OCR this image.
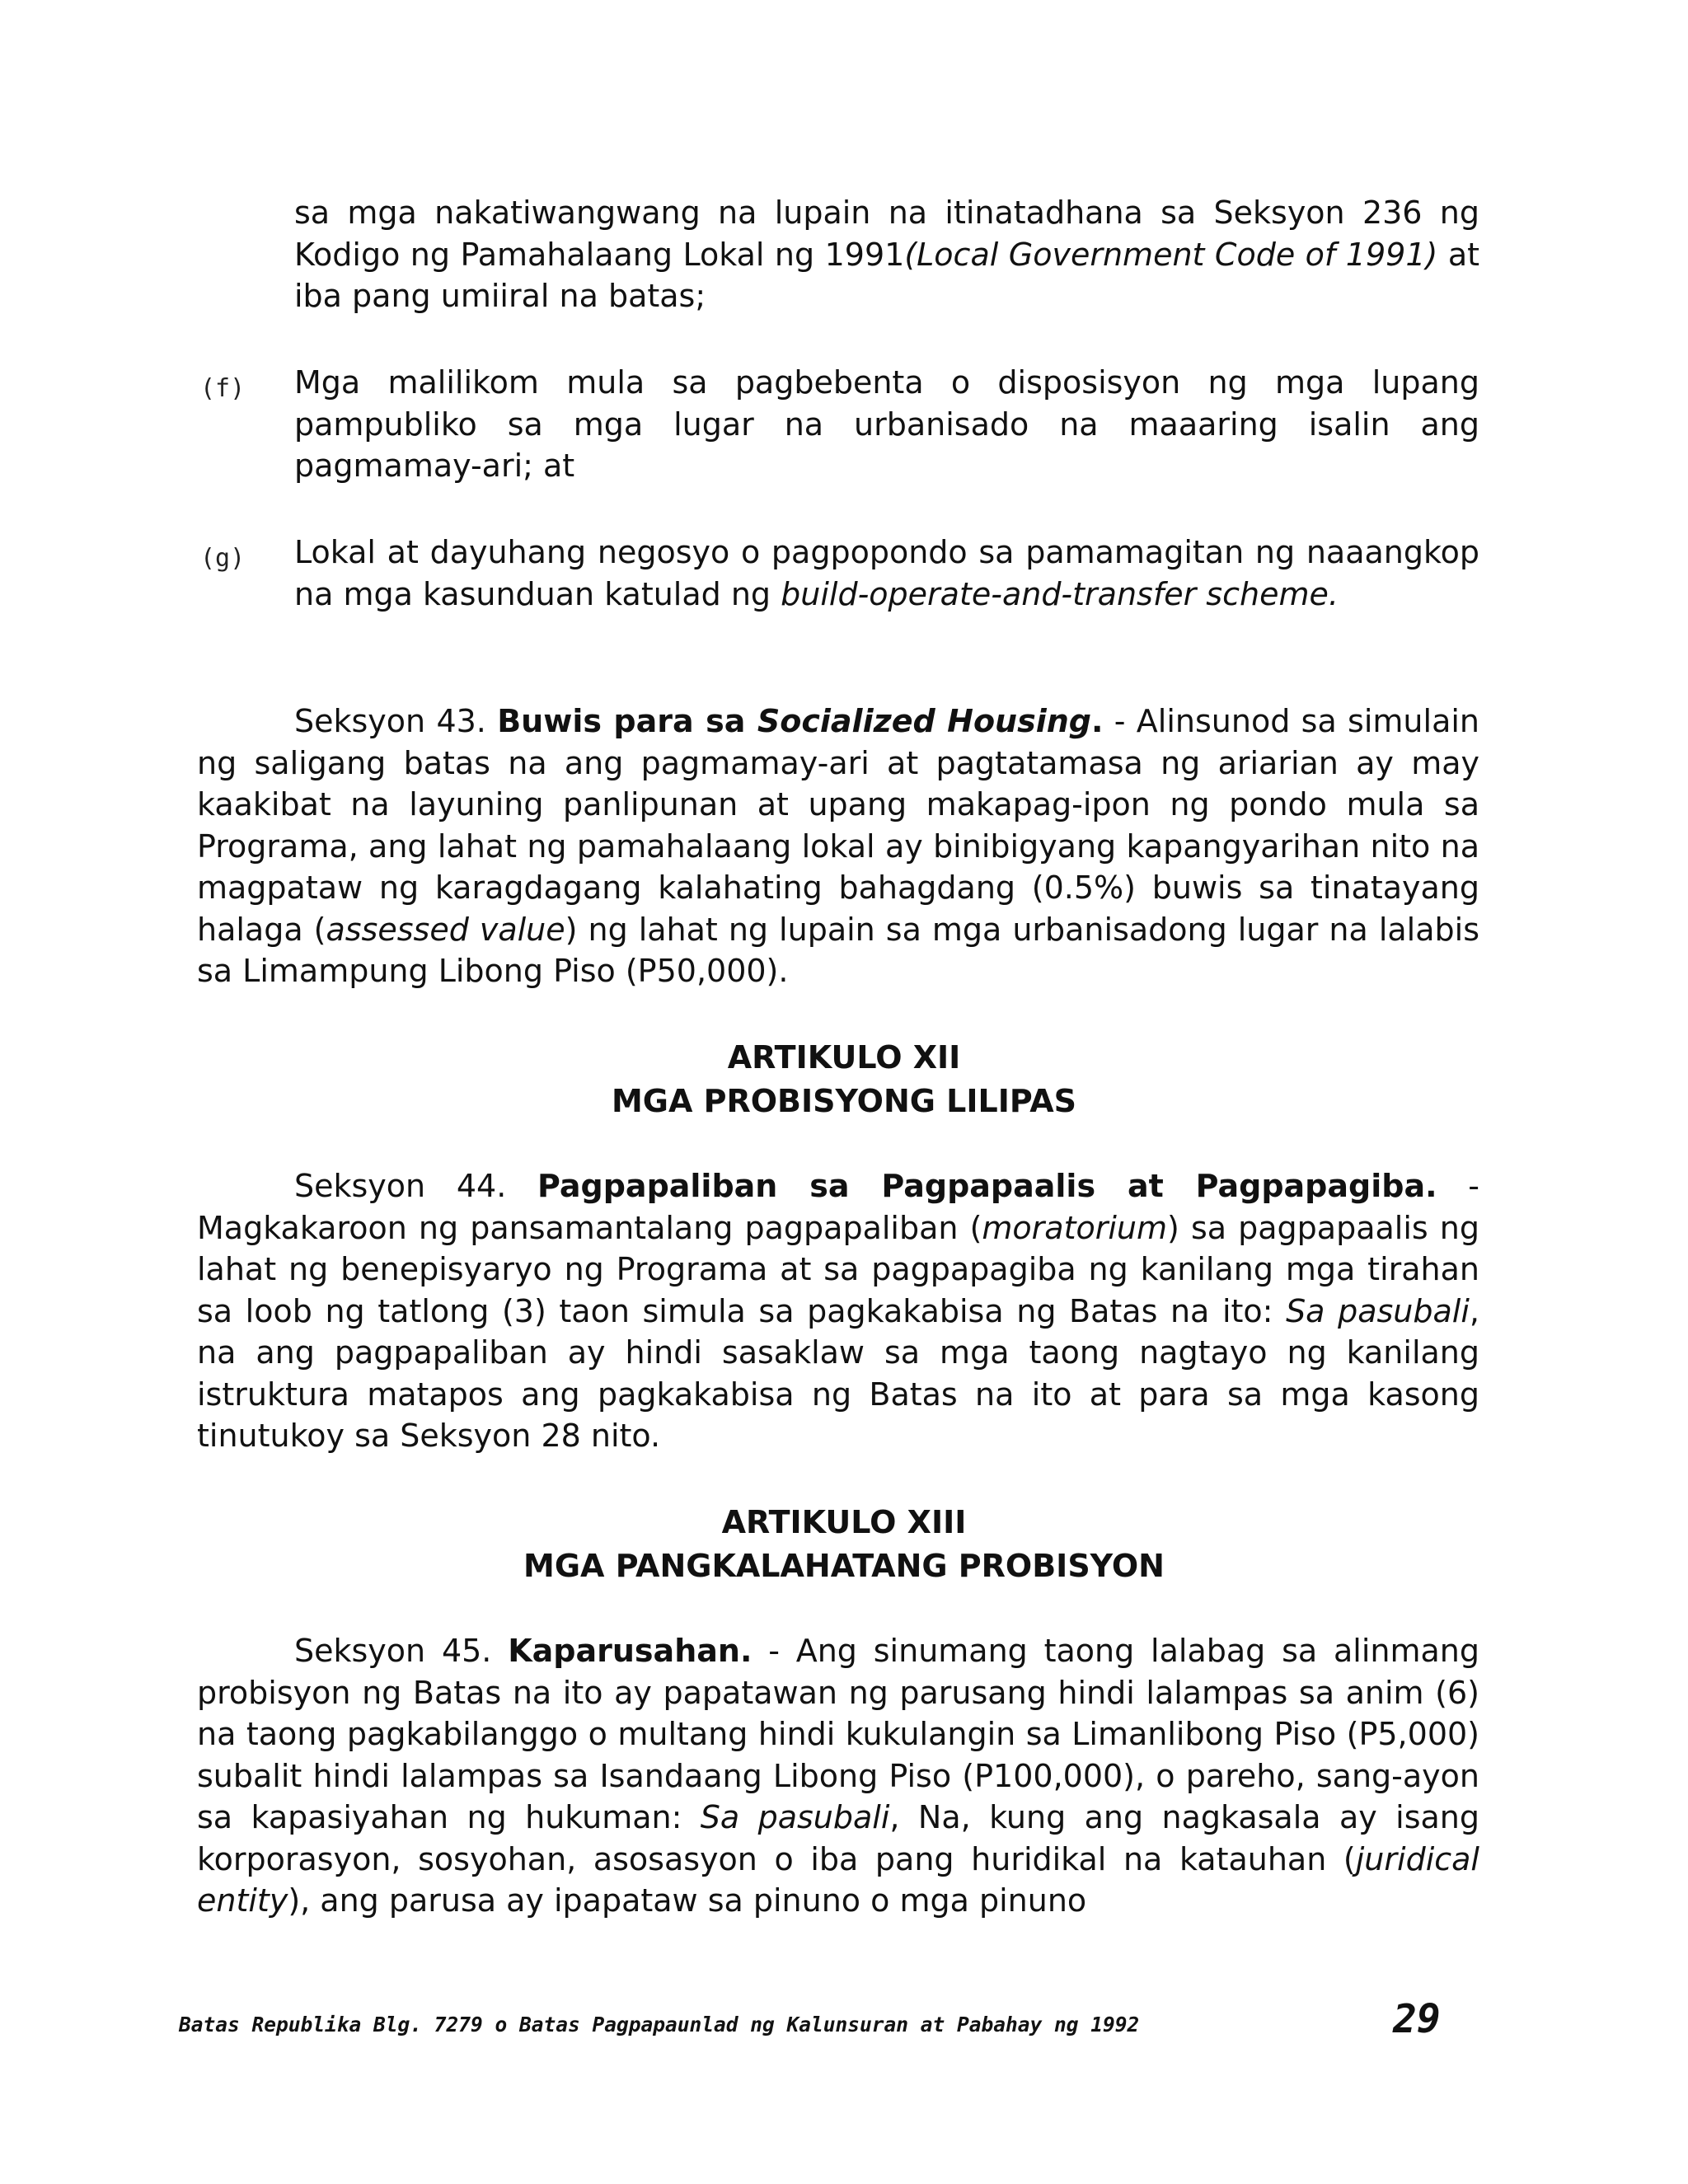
sa mga nakatiwangwang na lupain na itinatadhana sa Seksyon 236 ng Kodigo ng Pamahalaang Lokal ng 1991(Local Government Code of 1991) at iba pang umiiral na batas;
(f) Mga malilikom mula sa pagbebenta o disposisyon ng mga lupang pampubliko sa mga lugar na urbanisado na maaaring isalin ang pagmamay-ari; at
(g) Lokal at dayuhang negosyo o pagpopondo sa pamamagitan ng naaangkop na mga kasunduan katulad ng build-operate-and-transfer scheme.
Seksyon 43. Buwis para sa Socialized Housing. - Alinsunod sa simulain ng saligang batas na ang pagmamay-ari at pagtatamasa ng ariarian ay may kaakibat na layuning panlipunan at upang makapag-ipon ng pondo mula sa Programa, ang lahat ng pamahalaang lokal ay binibigyang kapangyarihan nito na magpataw ng karagdagang kalahating bahagdang (0.5%) buwis sa tinatayang halaga (assessed value) ng lahat ng lupain sa mga urbanisadong lugar na lalabis sa Limampung Libong Piso (P50,000).
ARTIKULO XII
MGA PROBISYONG LILIPAS
Seksyon 44. Pagpapaliban sa Pagpapaalis at Pagpapagiba. - Magkakaroon ng pansamantalang pagpapaliban (moratorium) sa pagpapaalis ng lahat ng benepisyaryo ng Programa at sa pagpapagiba ng kanilang mga tirahan sa loob ng tatlong (3) taon simula sa pagkakabisa ng Batas na ito: Sa pasubali, na ang pagpapaliban ay hindi sasaklaw sa mga taong nagtayo ng kanilang istruktura matapos ang pagkakabisa ng Batas na ito at para sa mga kasong tinutukoy sa Seksyon 28 nito.
ARTIKULO XIII
MGA PANGKALAHATANG PROBISYON
Seksyon 45. Kaparusahan. - Ang sinumang taong lalabag sa alinmang probisyon ng Batas na ito ay papatawan ng parusang hindi lalampas sa anim (6) na taong pagkabilanggo o multang hindi kukulangin sa Limanlibong Piso (P5,000) subalit hindi lalampas sa Isandaang Libong Piso (P100,000), o pareho, sang-ayon sa kapasiyahan ng hukuman: Sa pasubali, Na, kung ang nagkasala ay isang korporasyon, sosyohan, asosasyon o iba pang huridikal na katauhan (juridical entity), ang parusa ay ipapataw sa pinuno o mga pinuno
Batas Republika Blg. 7279 o Batas Pagpapaunlad ng Kalunsuran at Pabahay ng 1992	29
